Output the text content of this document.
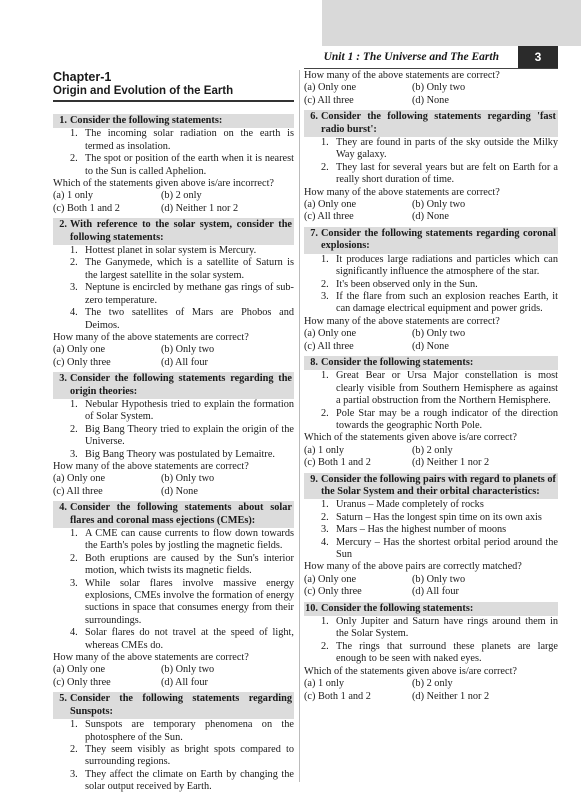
Unit 1 : The Universe and The Earth	3
Chapter-1
Origin and Evolution of the Earth
1. Consider the following statements:
1. The incoming solar radiation on the earth is termed as insolation.
2. The spot or position of the earth when it is nearest to the Sun is called Aphelion.
Which of the statements given above is/are incorrect?
(a) 1 only	(b) 2 only
(c) Both 1 and 2	(d) Neither 1 nor 2
2. With reference to the solar system, consider the following statements:
1. Hottest planet in solar system is Mercury.
2. The Ganymede, which is a satellite of Saturn is the largest satellite in the solar system.
3. Neptune is encircled by methane gas rings of sub-zero temperature.
4. The two satellites of Mars are Phobos and Deimos.
How many of the above statements are correct?
(a) Only one	(b) Only two
(c) Only three	(d) All four
3. Consider the following statements regarding the origin theories:
1. Nebular Hypothesis tried to explain the formation of Solar System.
2. Big Bang Theory tried to explain the origin of the Universe.
3. Big Bang Theory was postulated by Lemaitre.
How many of the above statements are correct?
(a) Only one	(b) Only two
(c) All three	(d) None
4. Consider the following statements about solar flares and coronal mass ejections (CMEs):
1. A CME can cause currents to flow down towards the Earth's poles by jostling the magnetic fields.
2. Both eruptions are caused by the Sun's interior motion, which twists its magnetic fields.
3. While solar flares involve massive energy explosions, CMEs involve the formation of energy suctions in space that consumes energy from their surroundings.
4. Solar flares do not travel at the speed of light, whereas CMEs do.
How many of the above statements are correct?
(a) Only one	(b) Only two
(c) Only three	(d) All four
5. Consider the following statements regarding Sunspots:
1. Sunspots are temporary phenomena on the photosphere of the Sun.
2. They seem visibly as bright spots compared to surrounding regions.
3. They affect the climate on Earth by changing the solar output received by Earth.
How many of the above statements are correct?
(a) Only one	(b) Only two
(c) All three	(d) None
6. Consider the following statements regarding 'fast radio burst':
1. They are found in parts of the sky outside the Milky Way galaxy.
2. They last for several years but are felt on Earth for a really short duration of time.
How many of the above statements are correct?
(a) Only one	(b) Only two
(c) All three	(d) None
7. Consider the following statements regarding coronal explosions:
1. It produces large radiations and particles which can significantly influence the atmosphere of the star.
2. It's been observed only in the Sun.
3. If the flare from such an explosion reaches Earth, it can damage electrical equipment and power grids.
How many of the above statements are correct?
(a) Only one	(b) Only two
(c) All three	(d) None
8. Consider the following statements:
1. Great Bear or Ursa Major constellation is most clearly visible from Southern Hemisphere as against a partial obstruction from the Northern Hemisphere.
2. Pole Star may be a rough indicator of the direction towards the geographic North Pole.
Which of the statements given above is/are correct?
(a) 1 only	(b) 2 only
(c) Both 1 and 2	(d) Neither 1 nor 2
9. Consider the following pairs with regard to planets of the Solar System and their orbital characteristics:
1. Uranus – Made completely of rocks
2. Saturn – Has the longest spin time on its own axis
3. Mars – Has the highest number of moons
4. Mercury – Has the shortest orbital period around the Sun
How many of the above pairs are correctly matched?
(a) Only one	(b) Only two
(c) Only three	(d) All four
10. Consider the following statements:
1. Only Jupiter and Saturn have rings around them in the Solar System.
2. The rings that surround these planets are large enough to be seen with naked eyes.
Which of the statements given above is/are correct?
(a) 1 only	(b) 2 only
(c) Both 1 and 2	(d) Neither 1 nor 2
